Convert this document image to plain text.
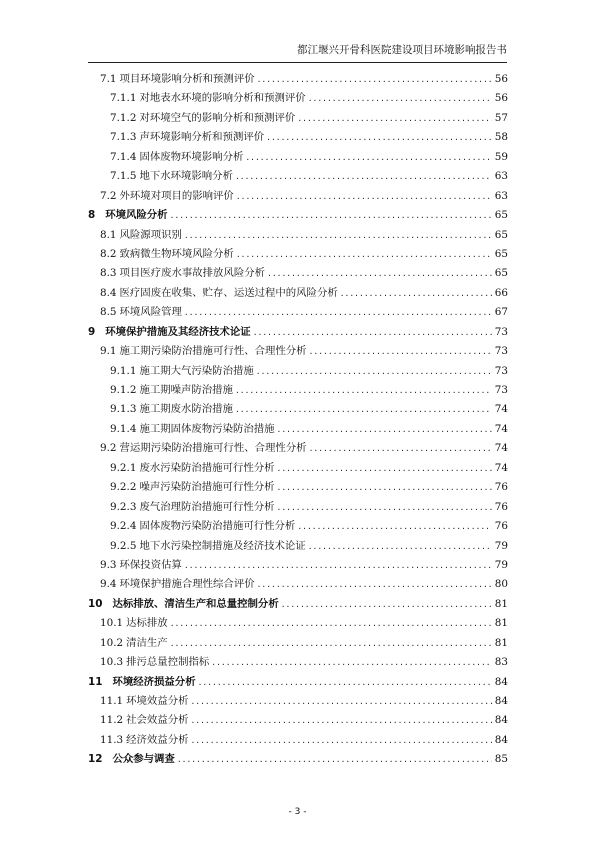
都江堰兴开骨科医院建设项目环境影响报告书
7.1 项目环境影响分析和预测评价 .....	56
7.1.1 对地表水环境的影响分析和预测评价 .....	56
7.1.2 对环境空气的影响分析和预测评价 .....	57
7.1.3 声环境影响分析和预测评价 .....	58
7.1.4 固体废物环境影响分析 .....	59
7.1.5 地下水环境影响分析 .....	63
7.2 外环境对项目的影响评价 .....	63
8 环境风险分析 .....	65
8.1 风险源项识别 .....	65
8.2 致病微生物环境风险分析 .....	65
8.3 项目医疗废水事故排放风险分析 .....	65
8.4 医疗固废在收集、贮存、运送过程中的风险分析 .....	66
8.5 环境风险管理 .....	67
9 环境保护措施及其经济技术论证 .....	73
9.1 施工期污染防治措施可行性、合理性分析 .....	73
9.1.1 施工期大气污染防治措施 .....	73
9.1.2 施工期噪声防治措施 .....	73
9.1.3 施工期废水防治措施 .....	74
9.1.4 施工期固体废物污染防治措施 .....	74
9.2 营运期污染防治措施可行性、合理性分析 .....	74
9.2.1 废水污染防治措施可行性分析 .....	74
9.2.2 噪声污染防治措施可行性分析 .....	76
9.2.3 废气治理防治措施可行性分析 .....	76
9.2.4 固体废物污染防治措施可行性分析 .....	76
9.2.5 地下水污染控制措施及经济技术论证 .....	79
9.3 环保投资估算 .....	79
9.4 环境保护措施合理性综合评价 .....	80
10 达标排放、清洁生产和总量控制分析 .....	81
10.1 达标排放 .....	81
10.2 清洁生产 .....	81
10.3 排污总量控制指标 .....	83
11 环境经济损益分析 .....	84
11.1 环境效益分析 .....	84
11.2 社会效益分析 .....	84
11.3 经济效益分析 .....	84
12 公众参与调查 .....	85
- 3 -
